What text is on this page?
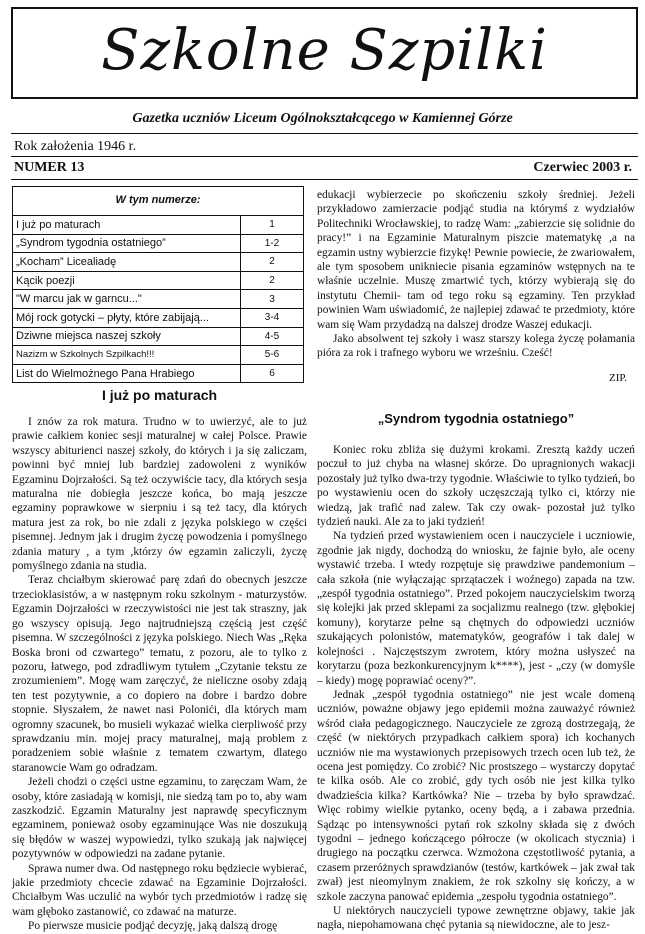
Szkolne Szpilki
Gazetka uczniów Liceum Ogólnokształcącego w Kamiennej Górze
Rok założenia 1946 r.
NUMER 13	Czerwiec 2003 r.
W tym numerze:
I już po maturach	1
„Syndrom tygodnia ostatniego”	1-2
„Kocham” Licealiadę	2
Kącik poezji	2
"W marcu jak w garncu..."	3
Mój rock gotycki – płyty, które zabijają...	3-4
Dziwne miejsca naszej szkoły	4-5
Nazizm w Szkolnych Szpilkach!!!	5-6
List do Wielmożnego Pana Hrabiego	6

edukacji wybierzecie po skończeniu szkoły średniej. Jeżeli przykładowo zamierzacie podjąć studia na którymś z wydziałów Politechniki Wrocławskiej, to radzę Wam: „zabierzcie się solidnie do pracy!” i na Egzaminie Maturalnym piszcie matematykę ,a na egzamin ustny wybierzcie fizykę! Pewnie powiecie, że zwariowałem, ale tym sposobem unikniecie pisania egzaminów wstępnych na te właśnie uczelnie. Muszę zmartwić tych, którzy wybierają się do instytutu Chemii- tam od tego roku są egzaminy. Ten przykład powinien Wam uświadomić, że najlepiej zdawać te przedmioty, które wam się Wam przydadzą na dalszej drodze Waszej edukacji.

Jako absolwent tej szkoły i wasz starszy kolega życzę połamania pióra za rok i trafnego wyboru we wrześniu. Cześć!

ZIP.
I już po maturach

I znów za rok matura. Trudno w to uwierzyć, ale to już prawie całkiem koniec sesji maturalnej w całej Polsce. Prawie wszyscy abiturienci naszej szkoły, do których i ja się zaliczam, powinni być mniej lub bardziej zadowoleni z wyników Egzaminu Dojrzałości. Są też oczywiście tacy, dla których sesja maturalna nie dobiegła jeszcze końca, bo mają jeszcze egzaminy poprawkowe w sierpniu i są też tacy, dla których matura jest za rok, bo nie zdali z języka polskiego w części pisemnej. Jednym jak i drugim życzę powodzenia i pomyślnego zdania matury , a tym ,którzy ów egzamin zaliczyli, życzę pomyślnego zdania na studia.

Teraz chciałbym skierować parę zdań do obecnych jeszcze trzecioklasistów, a w następnym roku szkolnym - maturzystów. Egzamin Dojrzałości w rzeczywistości nie jest tak straszny, jak go wszyscy opisują. Jego najtrudniejszą częścią jest część pisemna. W szczególności z języka polskiego. Niech Was „Ręka Boska broni od czwartego” tematu, z pozoru, ale to tylko z pozoru, łatwego, pod zdradliwym tytułem „Czytanie tekstu ze zrozumieniem”. Mogę wam zaręczyć, że nieliczne osoby zdają ten test pozytywnie, a co dopiero na dobre i bardzo dobre stopnie. Słyszałem, że nawet nasi Polonići, dla których mam ogromny szacunek, bo musieli wykazać wielka cierpliwość przy sprawdzaniu min. mojej pracy maturalnej, mają problem z poradzeniem sobie właśnie z tematem czwartym, dlatego staranowcie Wam go odradzam.

Jeżeli chodzi o części ustne egzaminu, to zaręczam Wam, że osoby, które zasiadają w komisji, nie siedzą tam po to, aby wam zaszkodzić. Egzamin Maturalny jest naprawdę specyficznym egzaminem, ponieważ osoby egzaminujące Was nie doszukują się błędów w waszej wypowiedzi, tylko szukają jak najwięcej pozytywnów w odpowiedzi na zadane pytanie.

Sprawa numer dwa. Od następnego roku będziecie wybierać, jakie przedmioty chcecie zdawać na Egzaminie Dojrzałości. Chciałbym Was uczulić na wybór tych przedmiotów i radzę się wam głęboko zastanowić, co zdawać na maturze.

Po pierwsze musicie podjąć decyzję, jaką dalszą drogę

„Syndrom tygodnia ostatniego”

Koniec roku zbliża się dużymi krokami. Zresztą każdy uczeń poczuł to już chyba na własnej skórze. Do upragnionych wakacji pozostały już tylko dwa-trzy tygodnie. Właściwie to tylko tydzień, bo po wystawieniu ocen do szkoły uczęszczają tylko ci, którzy nie wiedzą, jak trafić nad zalew. Tak czy owak- pozostał już tylko tydzień nauki. Ale za to jaki tydzień!

Na tydzień przed wystawieniem ocen i nauczyciele i uczniowie, zgodnie jak nigdy, dochodzą do wniosku, że fajnie było, ale oceny wystawić trzeba. I wtedy rozpętuje się prawdziwe pandemonium – cała szkoła (nie wyłączając sprzątaczek i woźnego) zapada na tzw. „zespół tygodnia ostatniego”. Przed pokojem nauczycielskim tworzą się kolejki jak przed sklepami za socjalizmu realnego (tzw. głębokiej komuny), korytarze pełne są chętnych do odpowiedzi uczniów szukających polonistów, matematyków, geografów i tak dalej w kolejności . Najczęstszym zwrotem, który można usłyszeć na korytarzu (poza bezkonkurencyjnym k****), jest - „czy (w domyśle – kiedy) mogę poprawiać oceny?”.

Jednak „zespół tygodnia ostatniego” nie jest wcale domeną uczniów, poważne objawy jego epidemii można zauważyć również wśród ciała pedagogicznego. Nauczyciele ze zgrozą dostrzegają, że część (w niektórych przypadkach całkiem spora) ich kochanych uczniów nie ma wystawionych przepisowych trzech ocen lub też, że ocena jest pomiędzy. Co zrobić? Nic prostszego – wystarczy dopytać te kilka osób. Ale co zrobić, gdy tych osób nie jest kilka tylko dwadzieścia kilka? Kartkówka? Nie – trzeba by było sprawdzać. Więc robimy wielkie pytanko, oceny będą, a i zabawa przednia. Sądząc po intensywności pytań rok szkolny składa się z dwóch tygodni – jednego kończącego półrocze (w okolicach stycznia) i drugiego na początku czerwca. Wzmożona częstotliwość pytania, a czasem przeróżnych sprawdzianów (testów, kartkówek – jak zwał tak zwał) jest nieomylnym znakiem, że rok szkolny się kończy, a w szkole zaczyna panować epidemia „zespołu tygodnia ostatniego”.

U niektórych nauczycieli typowe zewnętrzne objawy, takie jak nagła, niepohamowana chęć pytania są niewidoczne, ale to jesz-
